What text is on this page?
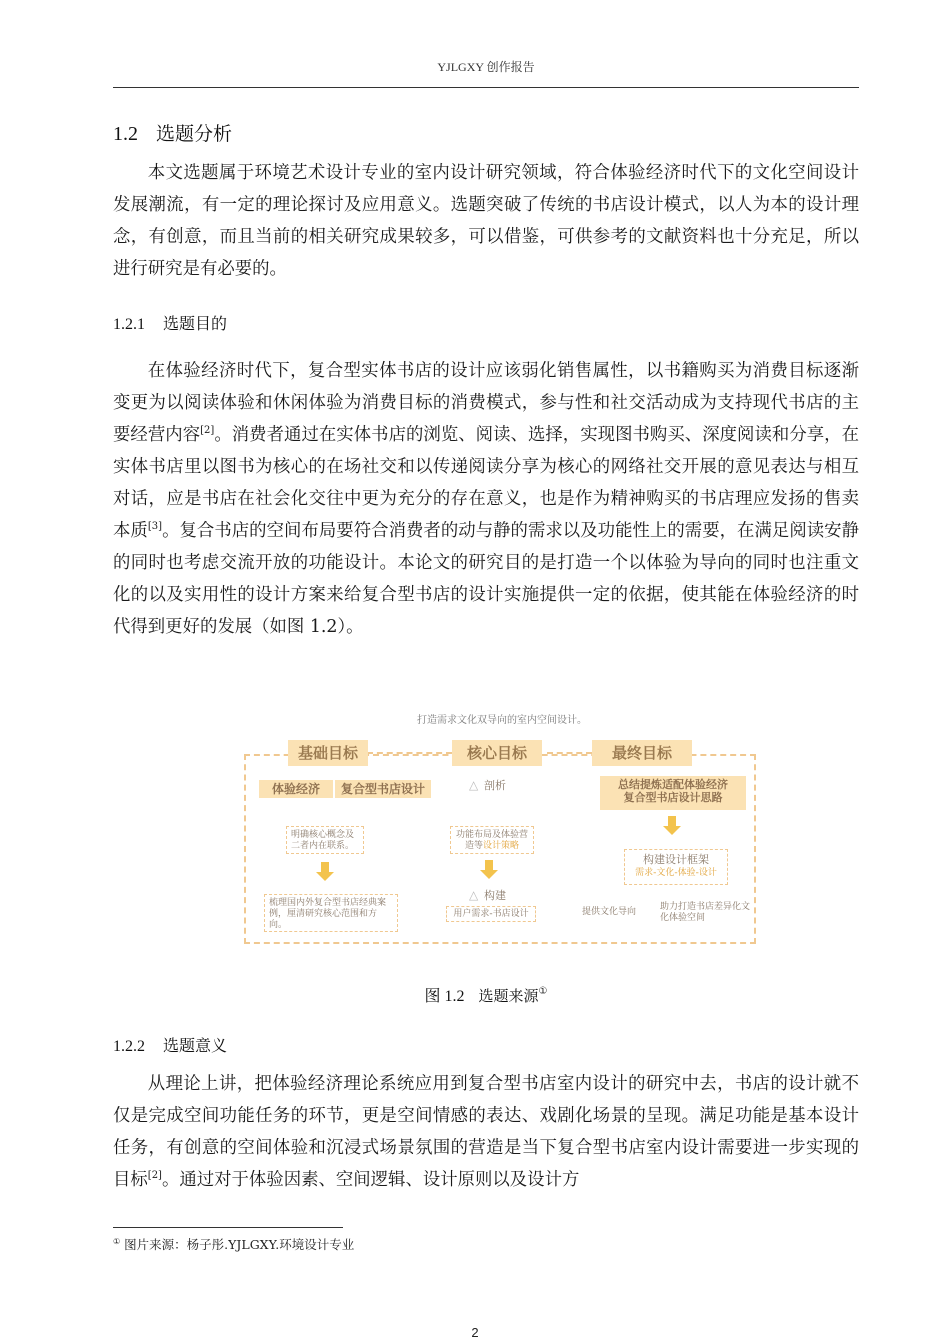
YJLGXY 创作报告
1.2 选题分析

本文选题属于环境艺术设计专业的室内设计研究领域，符合体验经济时代下的文化空间设计发展潮流，有一定的理论探讨及应用意义。选题突破了传统的书店设计模式，以人为本的设计理念，有创意，而且当前的相关研究成果较多，可以借鉴，可供参考的文献资料也十分充足，所以进行研究是有必要的。

1.2.1 选题目的

在体验经济时代下，复合型实体书店的设计应该弱化销售属性，以书籍购买为消费目标逐渐变更为以阅读体验和休闲体验为消费目标的消费模式，参与性和社交活动成为支持现代书店的主要经营内容[2]。消费者通过在实体书店的浏览、阅读、选择，实现图书购买、深度阅读和分享，在实体书店里以图书为核心的在场社交和以传递阅读分享为核心的网络社交开展的意见表达与相互对话，应是书店在社会化交往中更为充分的存在意义，也是作为精神购买的书店理应发扬的售卖本质[3]。复合书店的空间布局要符合消费者的动与静的需求以及功能性上的需要，在满足阅读安静的同时也考虑交流开放的功能设计。本论文的研究目的是打造一个以体验为导向的同时也注重文化的以及实用性的设计方案来给复合型书店的设计实施提供一定的依据，使其能在体验经济的时代得到更好的发展（如图 1.2）。

打造需求文化双导向的室内空间设计。
基础目标	核心目标	最终目标
体验经济	复合型书店设计
明确核心概念及二者内在联系。
梳理国内外复合型书店经典案例，厘清研究核心范围和方向。
△ 剖析
功能布局及体验营造等设计策略
△ 构建
用户需求-书店设计
总结提炼适配体验经济
复合型书店设计思路
构建设计框架
需求-文化-体验-设计
提供文化导向	助力打造书店差异化文化体验空间
图 1.2 选题来源①
1.2.2 选题意义

从理论上讲，把体验经济理论系统应用到复合型书店室内设计的研究中去，书店的设计就不仅是完成空间功能任务的环节，更是空间情感的表达、戏剧化场景的呈现。满足功能是基本设计任务，有创意的空间体验和沉浸式场景氛围的营造是当下复合型书店室内设计需要进一步实现的目标[2]。通过对于体验因素、空间逻辑、设计原则以及设计方

① 图片来源：杨子彤.YJLGXY.环境设计专业
2
